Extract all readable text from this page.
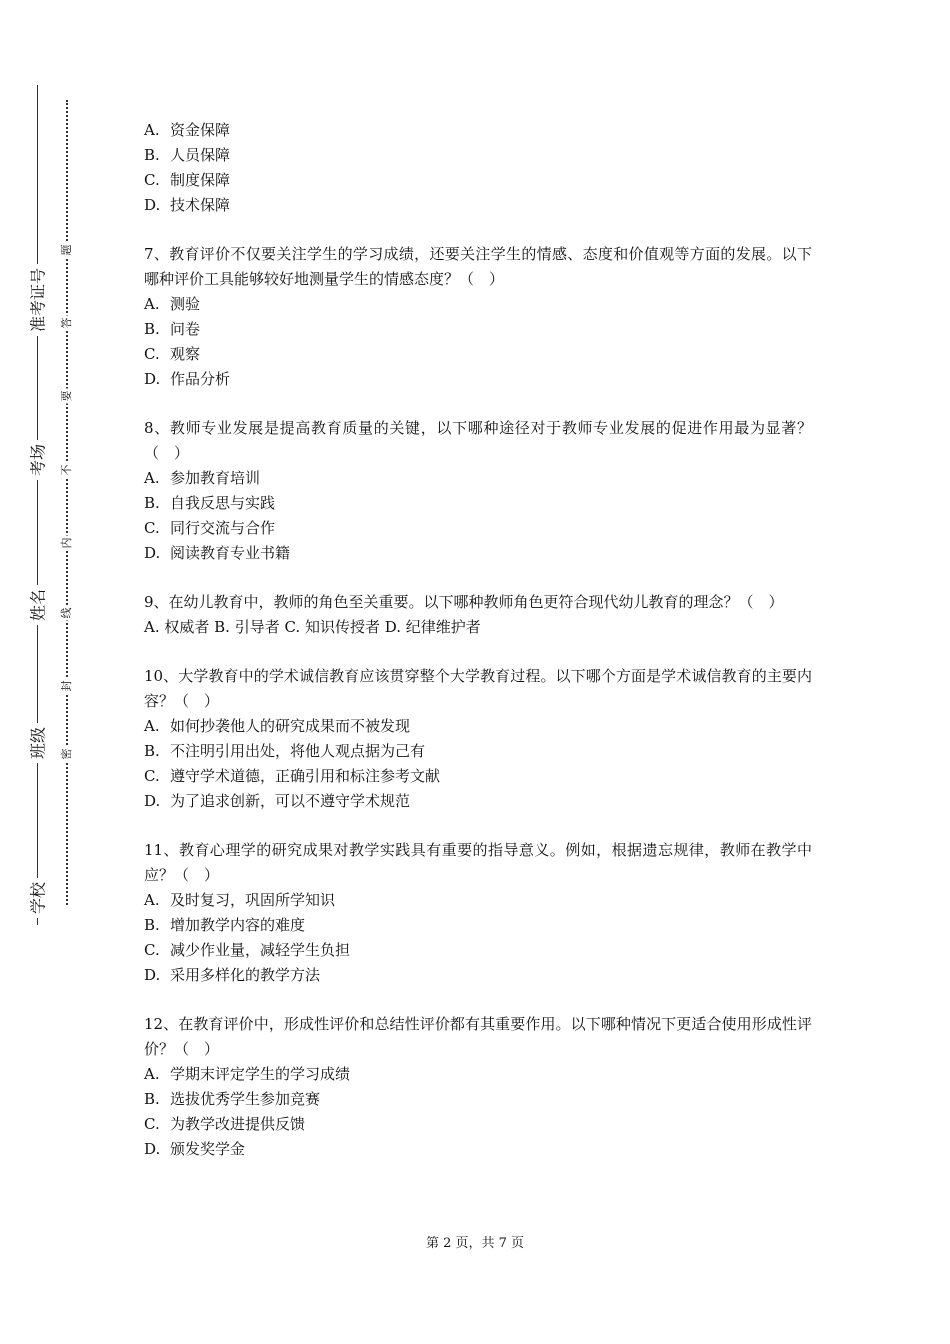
准考证号
考场
姓名
班级
学校
题
答
要
不
内
线
封
密
A. 资金保障
B. 人员保障
C. 制度保障
D. 技术保障
7、教育评价不仅要关注学生的学习成绩，还要关注学生的情感、态度和价值观等方面的发展。以下哪种评价工具能够较好地测量学生的情感态度？（　）
A. 测验
B. 问卷
C. 观察
D. 作品分析
8、教师专业发展是提高教育质量的关键，以下哪种途径对于教师专业发展的促进作用最为显著？（　）
A. 参加教育培训
B. 自我反思与实践
C. 同行交流与合作
D. 阅读教育专业书籍
9、在幼儿教育中，教师的角色至关重要。以下哪种教师角色更符合现代幼儿教育的理念？（　）
A. 权威者 B. 引导者 C. 知识传授者 D. 纪律维护者
10、大学教育中的学术诚信教育应该贯穿整个大学教育过程。以下哪个方面是学术诚信教育的主要内容？（　）
A. 如何抄袭他人的研究成果而不被发现
B. 不注明引用出处，将他人观点据为己有
C. 遵守学术道德，正确引用和标注参考文献
D. 为了追求创新，可以不遵守学术规范
11、教育心理学的研究成果对教学实践具有重要的指导意义。例如，根据遗忘规律，教师在教学中应？（　）
A. 及时复习，巩固所学知识
B. 增加教学内容的难度
C. 减少作业量，减轻学生负担
D. 采用多样化的教学方法
12、在教育评价中，形成性评价和总结性评价都有其重要作用。以下哪种情况下更适合使用形成性评价？（　）
A. 学期末评定学生的学习成绩
B. 选拔优秀学生参加竞赛
C. 为教学改进提供反馈
D. 颁发奖学金
第 2 页，共 7 页
